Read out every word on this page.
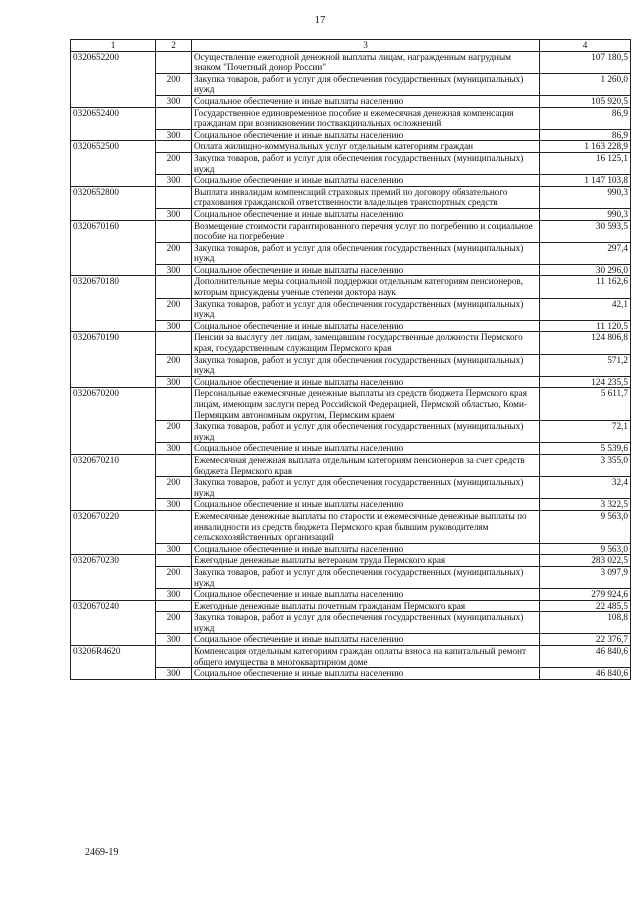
17
1	2	3	4
0320652200		Осуществление ежегодной денежной выплаты лицам, награжденным нагрудным знаком "Почетный донор России"	107 180,5
	200	Закупка товаров, работ и услуг для обеспечения государственных (муниципальных) нужд	1 260,0
	300	Социальное обеспечение и иные выплаты населению	105 920,5
0320652400		Государственное единовременное пособие и ежемесячная денежная компенсация гражданам при возникновении поствакцинальных осложнений	86,9
	300	Социальное обеспечение и иные выплаты населению	86,9
0320652500		Оплата жилищно-коммунальных услуг отдельным категориям граждан	1 163 228,9
	200	Закупка товаров, работ и услуг для обеспечения государственных (муниципальных) нужд	16 125,1
	300	Социальное обеспечение и иные выплаты населению	1 147 103,8
0320652800		Выплата инвалидам компенсаций страховых премий по договору обязательного страхования гражданской ответственности владельцев транспортных средств	990,3
	300	Социальное обеспечение и иные выплаты населению	990,3
0320670160		Возмещение стоимости гарантированного перечня услуг по погребению и социальное пособие на погребение	30 593,5
	200	Закупка товаров, работ и услуг для обеспечения государственных (муниципальных) нужд	297,4
	300	Социальное обеспечение и иные выплаты населению	30 296,0
0320670180		Дополнительные меры социальной поддержки отдельным категориям пенсионеров, которым присуждены ученые степени доктора наук	11 162,6
	200	Закупка товаров, работ и услуг для обеспечения государственных (муниципальных) нужд	42,1
	300	Социальное обеспечение и иные выплаты населению	11 120,5
0320670190		Пенсии за выслугу лет лицам, замещавшим государственные должности Пермского края, государственным служащим Пермского края	124 806,8
	200	Закупка товаров, работ и услуг для обеспечения государственных (муниципальных) нужд	571,2
	300	Социальное обеспечение и иные выплаты населению	124 235,5
0320670200		Персональные ежемесячные денежные выплаты из средств бюджета Пермского края лицам, имеющим заслуги перед Российской Федерацией, Пермской областью, Коми-Пермяцким автономным округом, Пермским краем	5 611,7
	200	Закупка товаров, работ и услуг для обеспечения государственных (муниципальных) нужд	72,1
	300	Социальное обеспечение и иные выплаты населению	5 539,6
0320670210		Ежемесячная денежная выплата отдельным категориям пенсионеров за счет средств бюджета Пермского края	3 355,0
	200	Закупка товаров, работ и услуг для обеспечения государственных (муниципальных) нужд	32,4
	300	Социальное обеспечение и иные выплаты населению	3 322,5
0320670220		Ежемесячные денежные выплаты по старости и ежемесячные денежные выплаты по инвалидности из средств бюджета Пермского края бывшим руководителям сельскохозяйственных организаций	9 563,0
	300	Социальное обеспечение и иные выплаты населению	9 563,0
0320670230		Ежегодные денежные выплаты ветеранам труда Пермского края	283 022,5
	200	Закупка товаров, работ и услуг для обеспечения государственных (муниципальных) нужд	3 097,9
	300	Социальное обеспечение и иные выплаты населению	279 924,6
0320670240		Ежегодные денежные выплаты почетным гражданам Пермского края	22 485,5
	200	Закупка товаров, работ и услуг для обеспечения государственных (муниципальных) нужд	108,8
	300	Социальное обеспечение и иные выплаты населению	22 376,7
03206R4620		Компенсация отдельным категориям граждан оплаты взноса на капитальный ремонт общего имущества в многоквартирном доме	46 840,6
	300	Социальное обеспечение и иные выплаты населению	46 840,6
2469-19
